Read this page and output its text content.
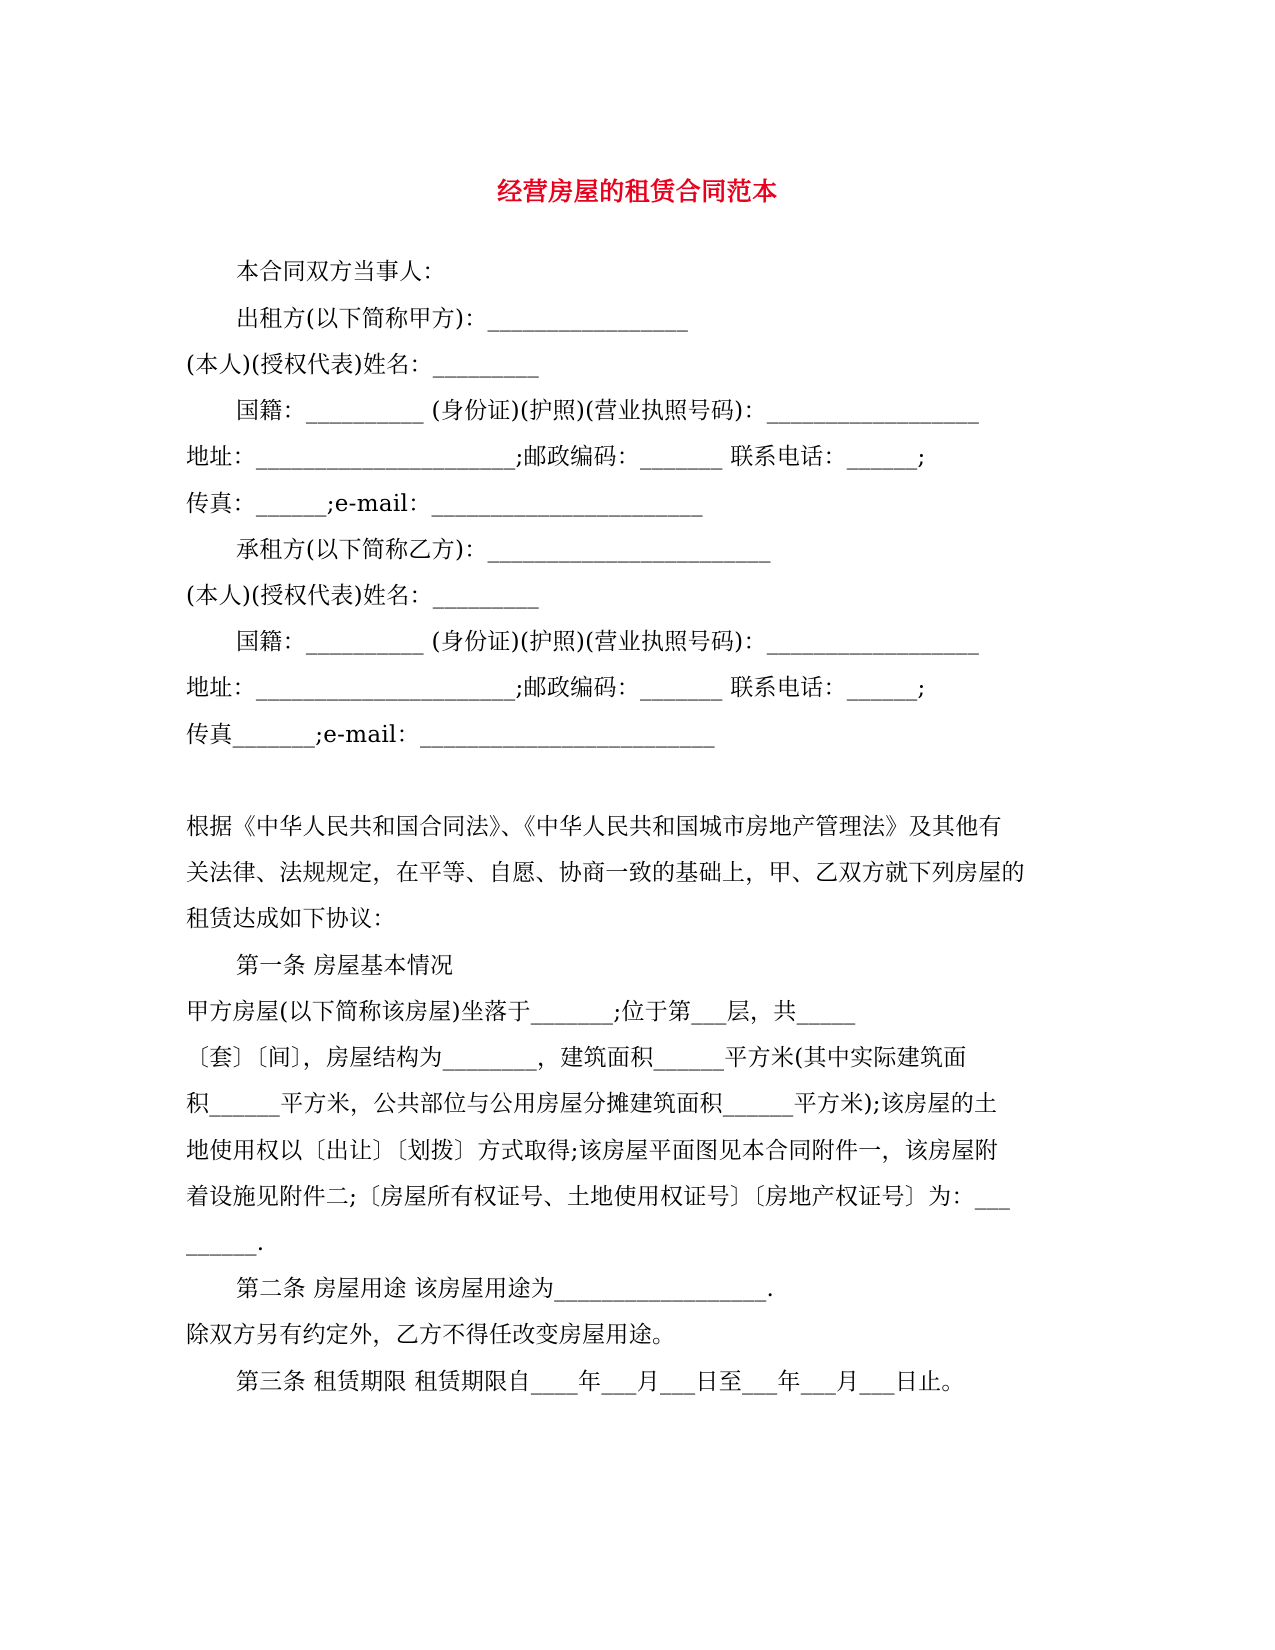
经营房屋的租赁合同范本
本合同双方当事人：
出租方(以下简称甲方)：_________________
(本人)(授权代表)姓名：_________
国籍：__________ (身份证)(护照)(营业执照号码)：__________________
地址：______________________;邮政编码：_______ 联系电话：______;
传真：______;e-mail：_______________________
承租方(以下简称乙方)：________________________
(本人)(授权代表)姓名：_________
国籍：__________ (身份证)(护照)(营业执照号码)：__________________
地址：______________________;邮政编码：_______ 联系电话：______;
传真_______;e-mail：_________________________
根据《中华人民共和国合同法》、《中华人民共和国城市房地产管理法》及其他有
关法律、法规规定，在平等、自愿、协商一致的基础上，甲、乙双方就下列房屋的
租赁达成如下协议：
第一条 房屋基本情况
甲方房屋(以下简称该房屋)坐落于_______;位于第___层，共_____
〔套〕〔间〕，房屋结构为________，建筑面积______平方米(其中实际建筑面
积______平方米，公共部位与公用房屋分摊建筑面积______平方米);该房屋的土
地使用权以〔出让〕〔划拨〕方式取得;该房屋平面图见本合同附件一，该房屋附
着设施见附件二;〔房屋所有权证号、土地使用权证号〕〔房地产权证号〕为：___
______.
第二条 房屋用途 该房屋用途为__________________.
除双方另有约定外，乙方不得任改变房屋用途。
第三条 租赁期限 租赁期限自____年___月___日至___年___月___日止。
